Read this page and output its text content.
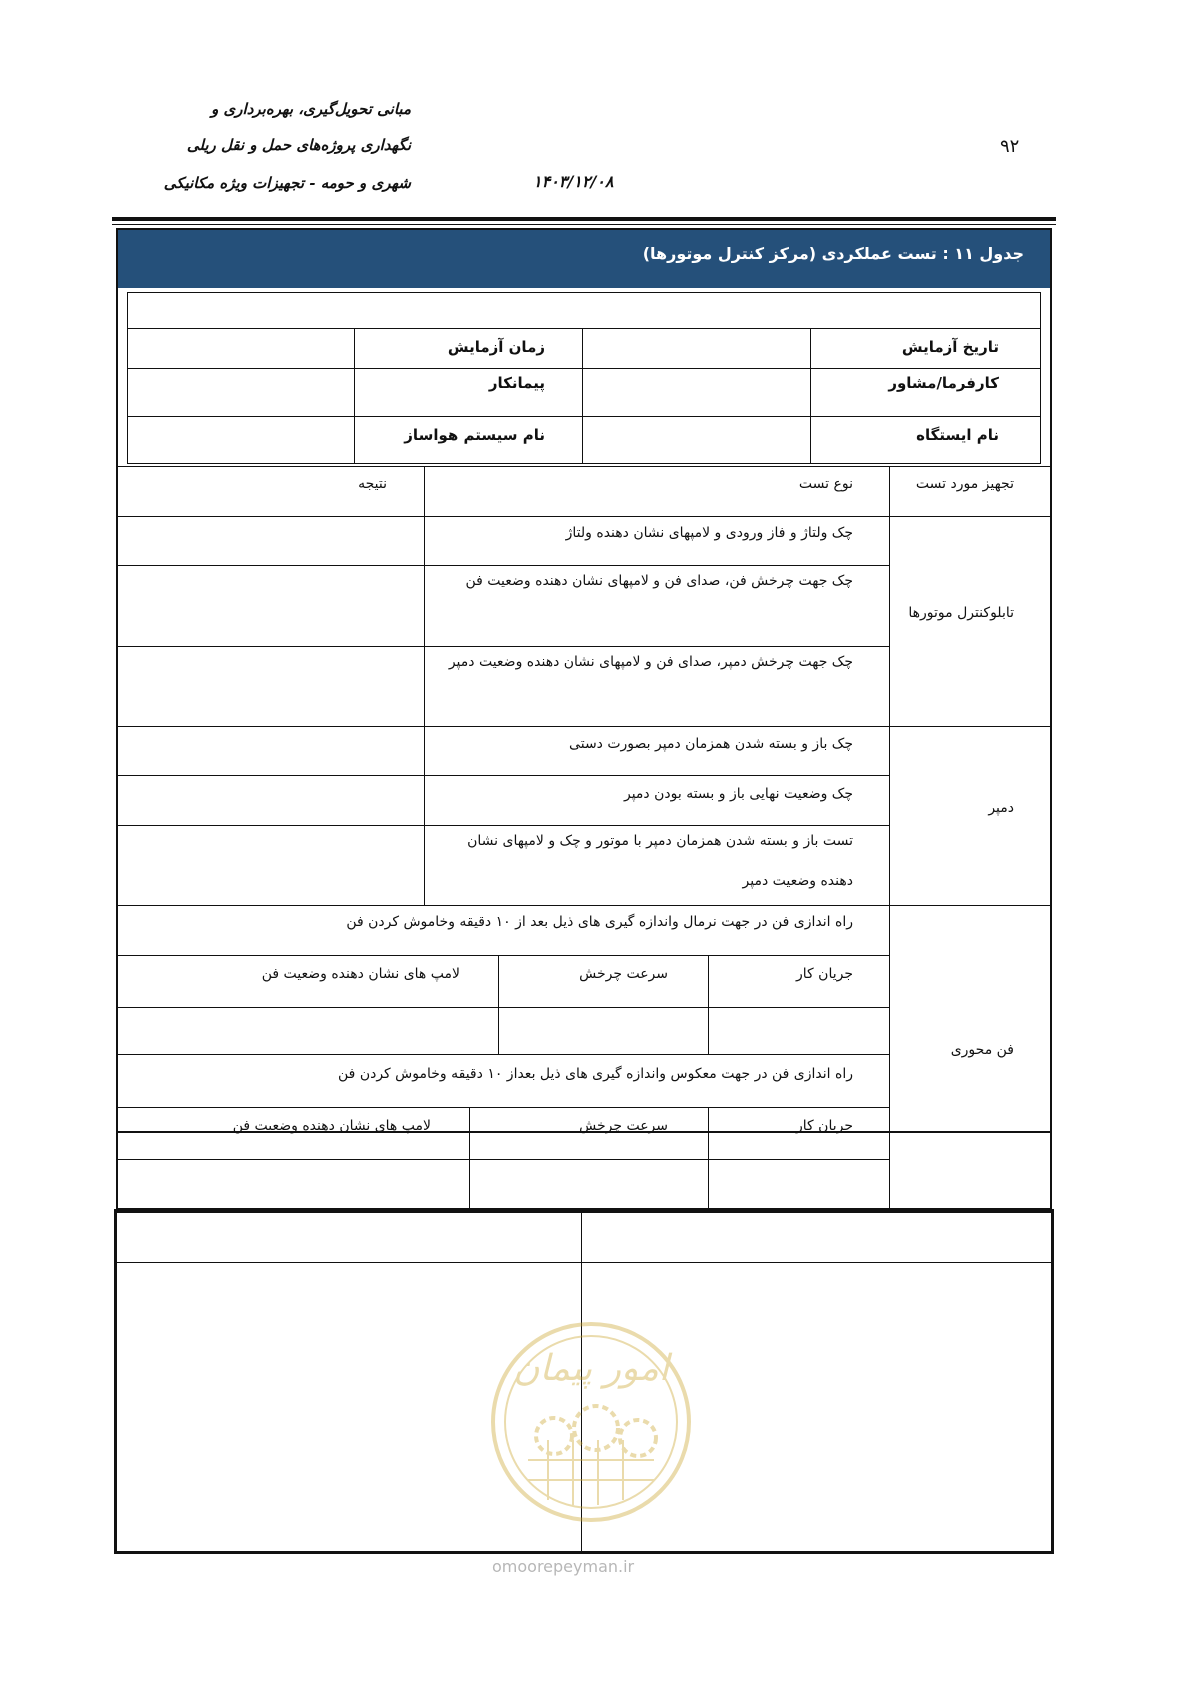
مبانی تحویل‌گیری، بهره‌برداری و
نگهداری پروژه‌های حمل و نقل ریلی
شهری و حومه - تجهیزات ویژه مکانیکی	۱۴۰۳/۱۲/۰۸
۹۲
جدول ۱۱ : تست عملکردی (مرکز کنترل موتورها)
تاریخ آزمایش
زمان آزمایش
کارفرما/مشاور
پیمانکار
نام ایستگاه
نام سیستم هواساز
تجهیز مورد تست
نوع تست
نتیجه
تابلوکنترل موتورها
چک ولتاژ و فاز ورودی و لامپهای نشان دهنده ولتاژ
چک جهت چرخش فن، صدای فن و لامپهای نشان دهنده وضعیت فن
چک جهت چرخش دمپر، صدای فن و لامپهای نشان دهنده وضعیت دمپر
دمپر
چک باز و بسته شدن همزمان دمپر بصورت دستی
چک وضعیت نهایی باز و بسته بودن دمپر
تست باز و بسته شدن همزمان دمپر با موتور و چک و لامپهای نشان دهنده وضعیت دمپر
فن محوری
راه اندازی فن در جهت نرمال واندازه گیری های ذیل بعد از ۱۰ دقیقه وخاموش کردن فن
جریان کار
سرعت چرخش
لامپ های نشان دهنده وضعیت فن
راه اندازی فن در جهت معکوس واندازه گیری های ذیل بعداز ۱۰ دقیقه وخاموش کردن فن
جریان کار
سرعت چرخش
لامپ های نشان دهنده وضعیت فن
امور پیمان
omoorepeyman.ir
